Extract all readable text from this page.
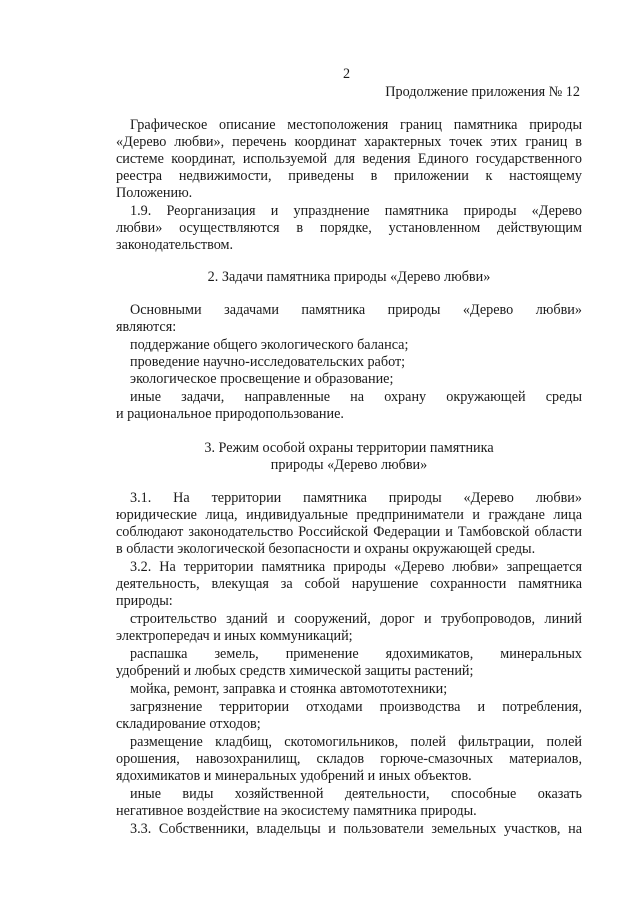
2
Продолжение приложения № 12
Графическое описание местоположения границ памятника природы
«Дерево любви», перечень координат характерных точек этих границ в
системе координат, используемой для ведения Единого государственного
реестра недвижимости, приведены в приложении к настоящему
Положению.
1.9. Реорганизация и упразднение памятника природы «Дерево
любви» осуществляются в порядке, установленном действующим
законодательством.
2. Задачи памятника природы «Дерево любви»
Основными задачами памятника природы «Дерево любви»
являются:
поддержание общего экологического баланса;
проведение научно-исследовательских работ;
экологическое просвещение и образование;
иные задачи, направленные на охрану окружающей среды
и рациональное природопользование.
3. Режим особой охраны территории памятника
природы «Дерево любви»
3.1. На территории памятника природы «Дерево любви»
юридические лица, индивидуальные предприниматели и граждане лица
соблюдают законодательство Российской Федерации и Тамбовской области
в области экологической безопасности и охраны окружающей среды.
3.2. На территории памятника природы «Дерево любви» запрещается
деятельность, влекущая за собой нарушение сохранности памятника
природы:
строительство зданий и сооружений, дорог и трубопроводов, линий
электропередач и иных коммуникаций;
распашка земель, применение ядохимикатов, минеральных
удобрений и любых средств химической защиты растений;
мойка, ремонт, заправка и стоянка автомототехники;
загрязнение территории отходами производства и потребления,
складирование отходов;
размещение кладбищ, скотомогильников, полей фильтрации, полей
орошения, навозохранилищ, складов горюче-смазочных материалов,
ядохимикатов и минеральных удобрений и иных объектов.
иные виды хозяйственной деятельности, способные оказать
негативное воздействие на экосистему памятника природы.
3.3. Собственники, владельцы и пользователи земельных участков, на
